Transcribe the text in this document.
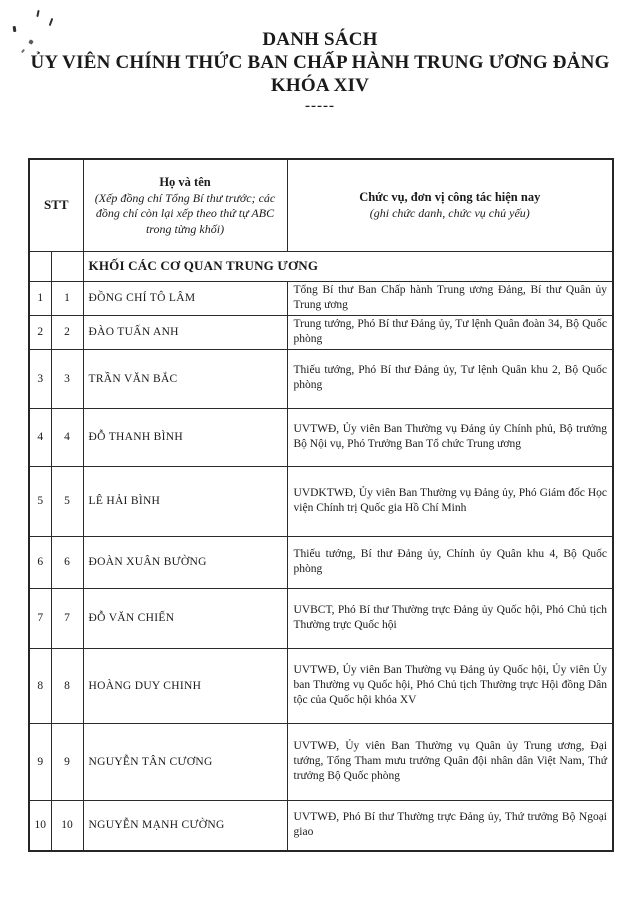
DANH SÁCH
ỦY VIÊN CHÍNH THỨC BAN CHẤP HÀNH TRUNG ƯƠNG ĐẢNG
KHÓA XIV
-----
STT		Họ và tên
(Xếp đồng chí Tổng Bí thư trước; các đồng chí còn lại xếp theo thứ tự ABC trong từng khối)	Chức vụ, đơn vị công tác hiện nay
(ghi chức danh, chức vụ chủ yếu)

		KHỐI CÁC CƠ QUAN TRUNG ƯƠNG	
1	1	ĐỒNG CHÍ TÔ LÂM	Tổng Bí thư Ban Chấp hành Trung ương Đảng, Bí thư Quân ủy Trung ương
2	2	ĐÀO TUẤN ANH	Trung tướng, Phó Bí thư Đảng ủy, Tư lệnh Quân đoàn 34, Bộ Quốc phòng
3	3	TRẦN VĂN BẮC	Thiếu tướng, Phó Bí thư Đảng ủy, Tư lệnh Quân khu 2, Bộ Quốc phòng
4	4	ĐỖ THANH BÌNH	UVTWĐ, Ủy viên Ban Thường vụ Đảng ủy Chính phủ, Bộ trưởng Bộ Nội vụ, Phó Trưởng Ban Tổ chức Trung ương
5	5	LÊ HẢI BÌNH	UVDKTWĐ, Ủy viên Ban Thường vụ Đảng ủy, Phó Giám đốc Học viện Chính trị Quốc gia Hồ Chí Minh
6	6	ĐOÀN XUÂN BƯỜNG	Thiếu tướng, Bí thư Đảng ủy, Chính ủy Quân khu 4, Bộ Quốc phòng
7	7	ĐỖ VĂN CHIẾN	UVBCT, Phó Bí thư Thường trực Đảng ủy Quốc hội, Phó Chủ tịch Thường trực Quốc hội
8	8	HOÀNG DUY CHINH	UVTWĐ, Ủy viên Ban Thường vụ Đảng ủy Quốc hội, Ủy viên Ủy ban Thường vụ Quốc hội, Phó Chủ tịch Thường trực Hội đồng Dân tộc của Quốc hội khóa XV
9	9	NGUYỄN TÂN CƯƠNG	UVTWĐ, Ủy viên Ban Thường vụ Quân ủy Trung ương, Đại tướng, Tổng Tham mưu trưởng Quân đội nhân dân Việt Nam, Thứ trưởng Bộ Quốc phòng
10	10	NGUYỄN MẠNH CƯỜNG	UVTWĐ, Phó Bí thư Thường trực Đảng ủy, Thứ trưởng Bộ Ngoại giao
